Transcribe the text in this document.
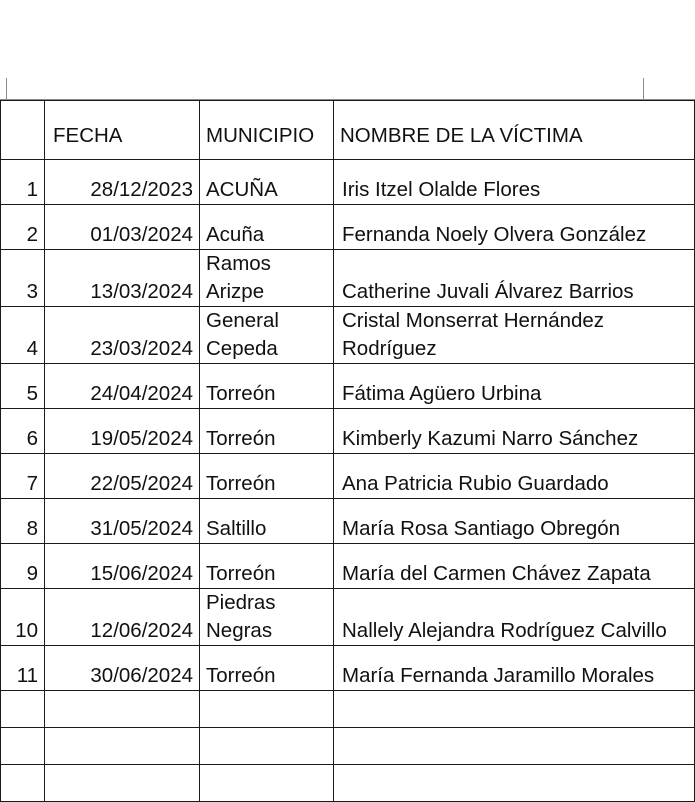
	FECHA	MUNICIPIO	NOMBRE DE LA VÍCTIMA
1	28/12/2023	ACUÑA	Iris Itzel Olalde Flores
2	01/03/2024	Acuña	Fernanda Noely Olvera González
3	13/03/2024	Ramos Arizpe	Catherine Juvali Álvarez Barrios
4	23/03/2024	General Cepeda	Cristal Monserrat Hernández Rodríguez
5	24/04/2024	Torreón	Fátima Agüero Urbina
6	19/05/2024	Torreón	Kimberly Kazumi Narro Sánchez
7	22/05/2024	Torreón	Ana Patricia Rubio Guardado
8	31/05/2024	Saltillo	María Rosa Santiago Obregón
9	15/06/2024	Torreón	María del Carmen Chávez Zapata
10	12/06/2024	Piedras Negras	Nallely Alejandra Rodríguez Calvillo
11	30/06/2024	Torreón	María Fernanda Jaramillo Morales
